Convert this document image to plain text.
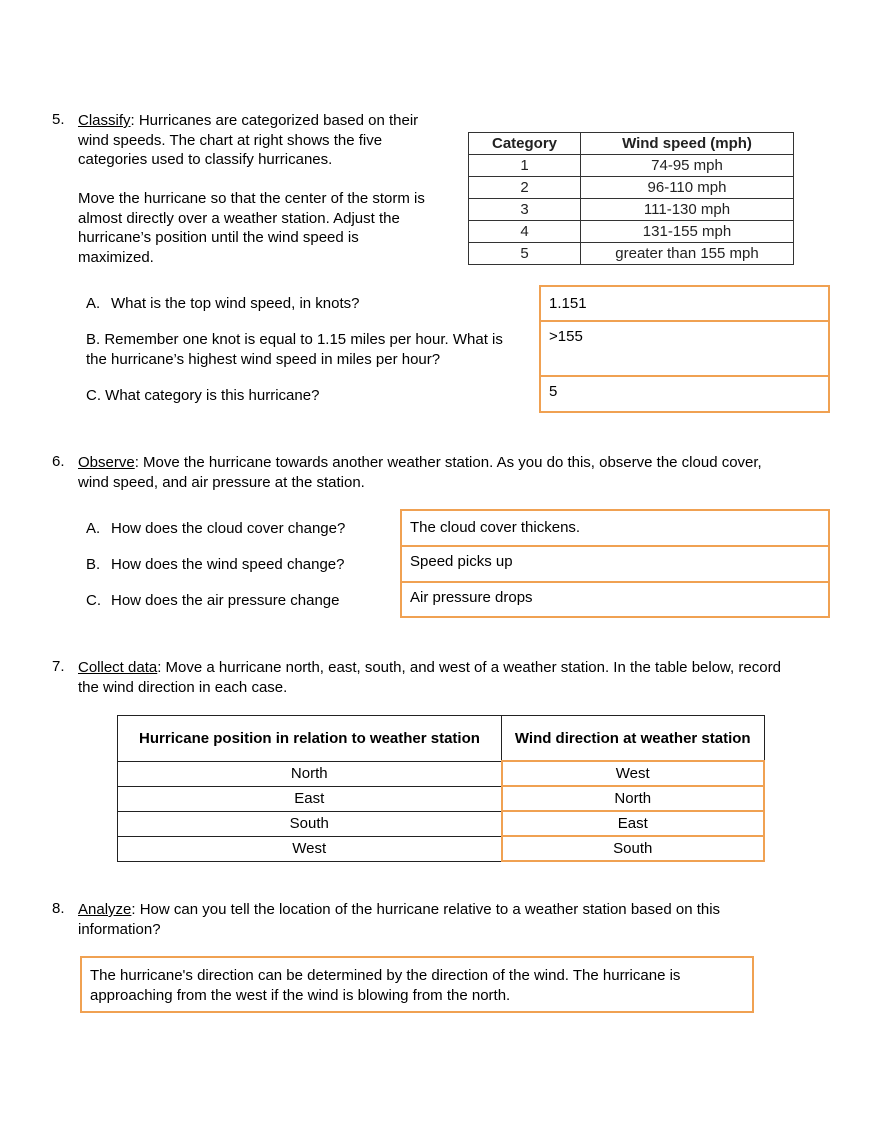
5. Classify: Hurricanes are categorized based on their
wind speeds. The chart at right shows the five
categories used to classify hurricanes.
Move the hurricane so that the center of the storm is
almost directly over a weather station. Adjust the
hurricane’s position until the wind speed is
maximized.
Category	Wind speed (mph)
1	74-95 mph
2	96-110 mph
3	111-130 mph
4	131-155 mph
5	greater than 155 mph
A. What is the top wind speed, in knots?
B. Remember one knot is equal to 1.15 miles per hour. What is
the hurricane’s highest wind speed in miles per hour?
C. What category is this hurricane?
1.151
>155
5
6. Observe: Move the hurricane towards another weather station. As you do this, observe the cloud cover,
wind speed, and air pressure at the station.
A. How does the cloud cover change?
B. How does the wind speed change?
C. How does the air pressure change
The cloud cover thickens.
Speed picks up
Air pressure drops
7. Collect data: Move a hurricane north, east, south, and west of a weather station. In the table below, record
the wind direction in each case.
Hurricane position in relation to weather station	Wind direction at weather station
North	West
East	North
South	East
West	South
8. Analyze: How can you tell the location of the hurricane relative to a weather station based on this
information?
The hurricane's direction can be determined by the direction of the wind. The hurricane is
approaching from the west if the wind is blowing from the north.
